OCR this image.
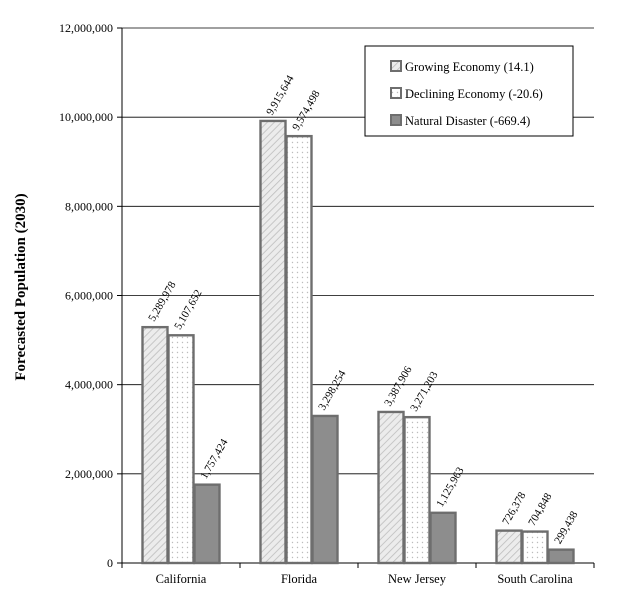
0
2,000,000
4,000,000
6,000,000
8,000,000
10,000,000
12,000,000
California	Florida	New Jersey	South Carolina
5,289,978
5,107,652
1,757,424
9,915,644
9,574,498
3,298,254	3,387,906
3,271,203
1,125,963	726,378
704,848
299,438
Growing Economy (14.1)
Declining Economy (-20.6)
Natural Disaster (-669.4)
Forecasted Population (2030)
